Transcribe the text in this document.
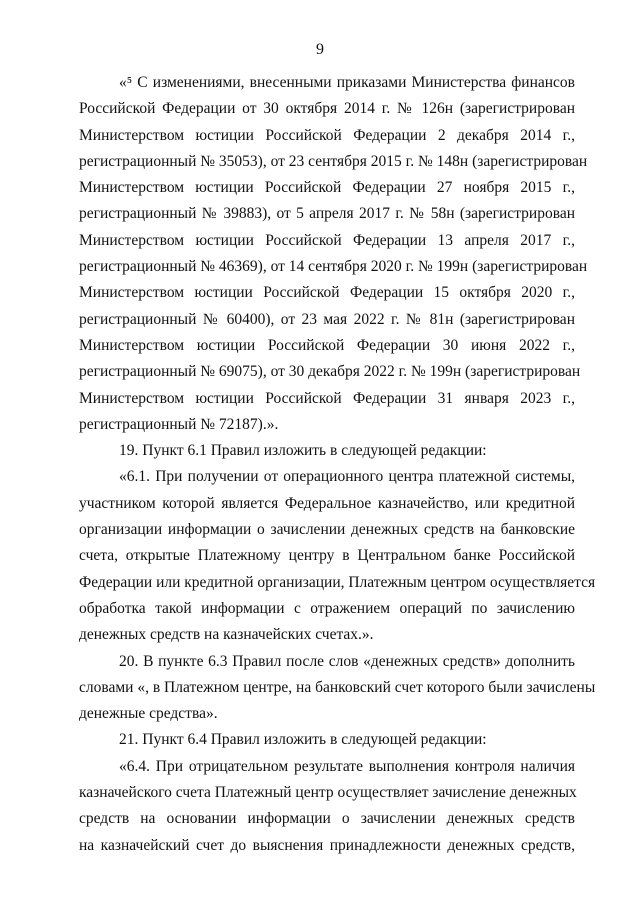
9
«⁵ С изменениями, внесенными приказами Министерства финансов
Российской Федерации от 30 октября 2014 г. № 126н (зарегистрирован
Министерством юстиции Российской Федерации 2 декабря 2014 г.,
регистрационный № 35053), от 23 сентября 2015 г. № 148н (зарегистрирован
Министерством юстиции Российской Федерации 27 ноября 2015 г.,
регистрационный № 39883), от 5 апреля 2017 г. № 58н (зарегистрирован
Министерством юстиции Российской Федерации 13 апреля 2017 г.,
регистрационный № 46369), от 14 сентября 2020 г. № 199н (зарегистрирован
Министерством юстиции Российской Федерации 15 октября 2020 г.,
регистрационный № 60400), от 23 мая 2022 г. № 81н (зарегистрирован
Министерством юстиции Российской Федерации 30 июня 2022 г.,
регистрационный № 69075), от 30 декабря 2022 г. № 199н (зарегистрирован
Министерством юстиции Российской Федерации 31 января 2023 г.,
регистрационный № 72187).».
19. Пункт 6.1 Правил изложить в следующей редакции:
«6.1. При получении от операционного центра платежной системы,
участником которой является Федеральное казначейство, или кредитной
организации информации о зачислении денежных средств на банковские
счета, открытые Платежному центру в Центральном банке Российской
Федерации или кредитной организации, Платежным центром осуществляется
обработка такой информации с отражением операций по зачислению
денежных средств на казначейских счетах.».
20. В пункте 6.3 Правил после слов «денежных средств» дополнить
словами «, в Платежном центре, на банковский счет которого были зачислены
денежные средства».
21. Пункт 6.4 Правил изложить в следующей редакции:
«6.4. При отрицательном результате выполнения контроля наличия
казначейского счета Платежный центр осуществляет зачисление денежных
средств на основании информации о зачислении денежных средств
на казначейский счет до выяснения принадлежности денежных средств,
